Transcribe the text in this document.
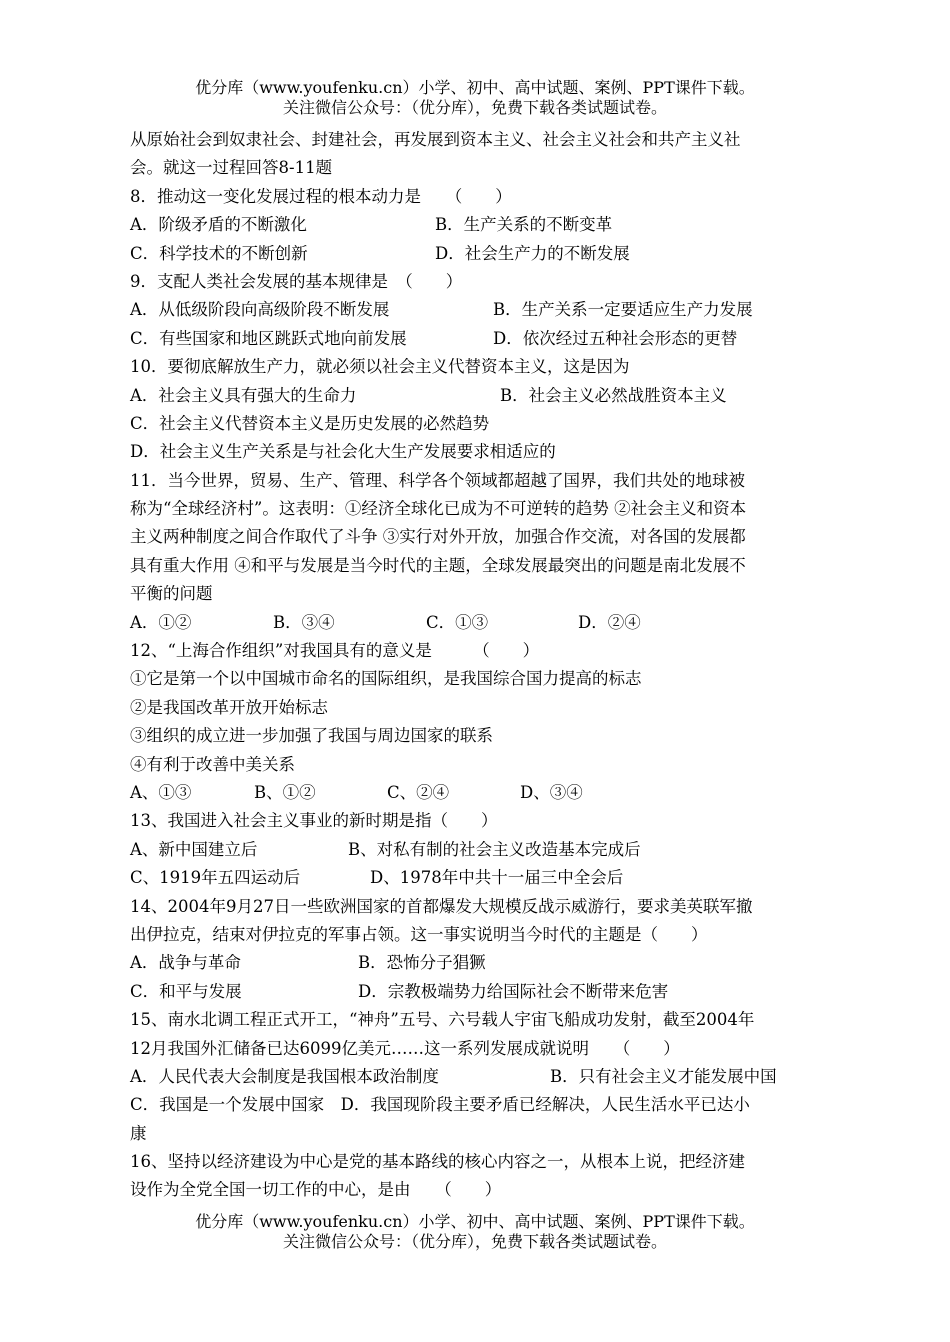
优分库（www.youfenku.cn）小学、初中、高中试题、案例、PPT课件下载。
关注微信公众号：（优分库），免费下载各类试题试卷。
从原始社会到奴隶社会、封建社会，再发展到资本主义、社会主义社会和共产主义社
会。就这一过程回答8-11题
8．推动这一变化发展过程的根本动力是　　（　　）
A．阶级矛盾的不断激化	B．生产关系的不断变革
C．科学技术的不断创新	D．社会生产力的不断发展
9．支配人类社会发展的基本规律是　（　　）
A．从低级阶段向高级阶段不断发展	B．生产关系一定要适应生产力发展
C．有些国家和地区跳跃式地向前发展	D．依次经过五种社会形态的更替
10．要彻底解放生产力，就必须以社会主义代替资本主义，这是因为
A．社会主义具有强大的生命力	B．社会主义必然战胜资本主义
C．社会主义代替资本主义是历史发展的必然趋势
D．社会主义生产关系是与社会化大生产发展要求相适应的
11．当今世界，贸易、生产、管理、科学各个领域都超越了国界，我们共处的地球被
称为“全球经济村”。这表明：①经济全球化已成为不可逆转的趋势 ②社会主义和资本
主义两种制度之间合作取代了斗争 ③实行对外开放，加强合作交流，对各国的发展都
具有重大作用 ④和平与发展是当今时代的主题，全球发展最突出的问题是南北发展不
平衡的问题
A．①②	B．③④	C．①③	D．②④
12、“上海合作组织”对我国具有的意义是　　　（　　）
①它是第一个以中国城市命名的国际组织，是我国综合国力提高的标志
②是我国改革开放开始标志
③组织的成立进一步加强了我国与周边国家的联系
④有利于改善中美关系
A、①③	B、①②	C、②④	D、③④
13、我国进入社会主义事业的新时期是指（　　）
A、新中国建立后	B、对私有制的社会主义改造基本完成后
C、1919年五四运动后	D、1978年中共十一届三中全会后
14、2004年9月27日一些欧洲国家的首都爆发大规模反战示威游行，要求美英联军撤
出伊拉克，结束对伊拉克的军事占领。这一事实说明当今时代的主题是（　　）
A．战争与革命	B．恐怖分子猖獗
C．和平与发展	D．宗教极端势力给国际社会不断带来危害
15、南水北调工程正式开工，“神舟”五号、六号载人宇宙飞船成功发射，截至2004年
12月我国外汇储备已达6099亿美元……这一系列发展成就说明　　（　　）
A．人民代表大会制度是我国根本政治制度	B．只有社会主义才能发展中国
C．我国是一个发展中国家　D．我国现阶段主要矛盾已经解决，人民生活水平已达小
康
16、坚持以经济建设为中心是党的基本路线的核心内容之一，从根本上说，把经济建
设作为全党全国一切工作的中心，是由　　（　　）
优分库（www.youfenku.cn）小学、初中、高中试题、案例、PPT课件下载。
关注微信公众号：（优分库），免费下载各类试题试卷。
